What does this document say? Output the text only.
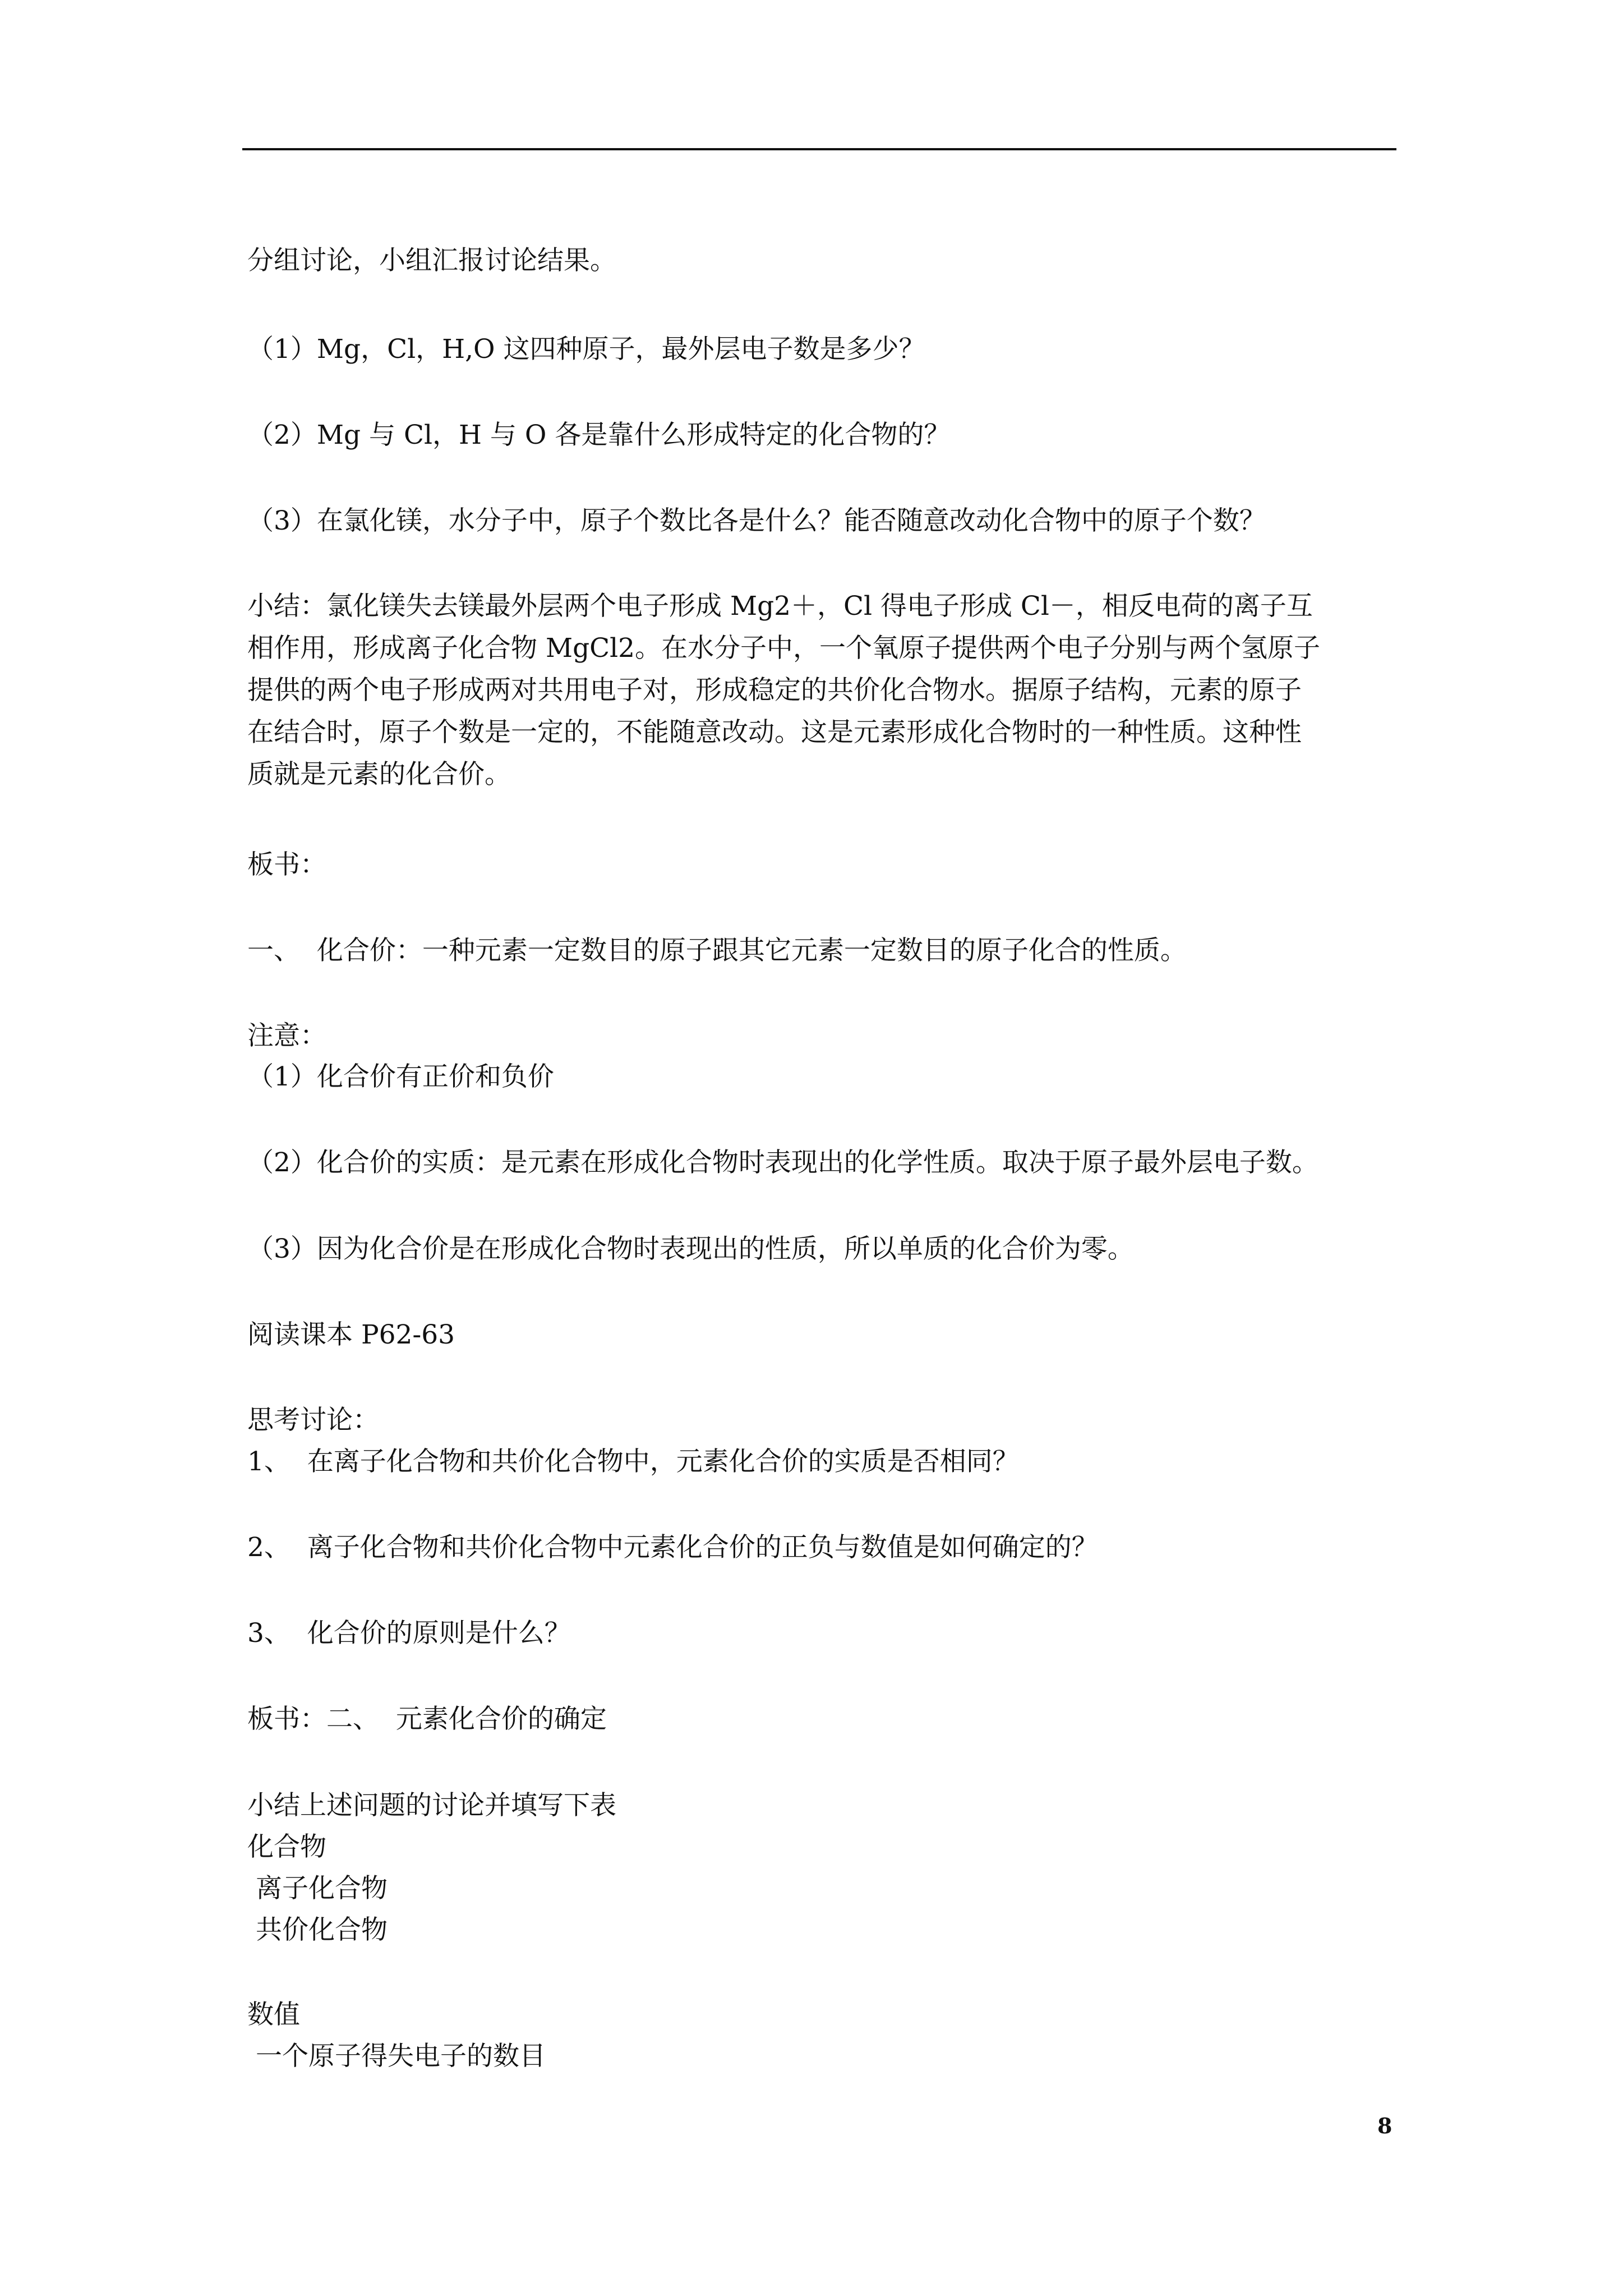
分组讨论，小组汇报讨论结果。
（1）Mg，Cl，H,O 这四种原子，最外层电子数是多少？
（2）Mg 与 Cl，H 与 O 各是靠什么形成特定的化合物的？
（3）在氯化镁，水分子中，原子个数比各是什么？能否随意改动化合物中的原子个数？
小结：氯化镁失去镁最外层两个电子形成 Mg2＋，Cl 得电子形成 Cl－，相反电荷的离子互
相作用，形成离子化合物 MgCl2。在水分子中，一个氧原子提供两个电子分别与两个氢原子
提供的两个电子形成两对共用电子对，形成稳定的共价化合物水。据原子结构，元素的原子
在结合时，原子个数是一定的，不能随意改动。这是元素形成化合物时的一种性质。这种性
质就是元素的化合价。
板书：
一、  化合价：一种元素一定数目的原子跟其它元素一定数目的原子化合的性质。
注意：
（1）化合价有正价和负价
（2）化合价的实质：是元素在形成化合物时表现出的化学性质。取决于原子最外层电子数。
（3）因为化合价是在形成化合物时表现出的性质，所以单质的化合价为零。
阅读课本 P62-63
思考讨论：
1、  在离子化合物和共价化合物中，元素化合价的实质是否相同？
2、  离子化合物和共价化合物中元素化合价的正负与数值是如何确定的？
3、  化合价的原则是什么？
板书：二、  元素化合价的确定
小结上述问题的讨论并填写下表
化合物
离子化合物
共价化合物
数值
一个原子得失电子的数目
8
